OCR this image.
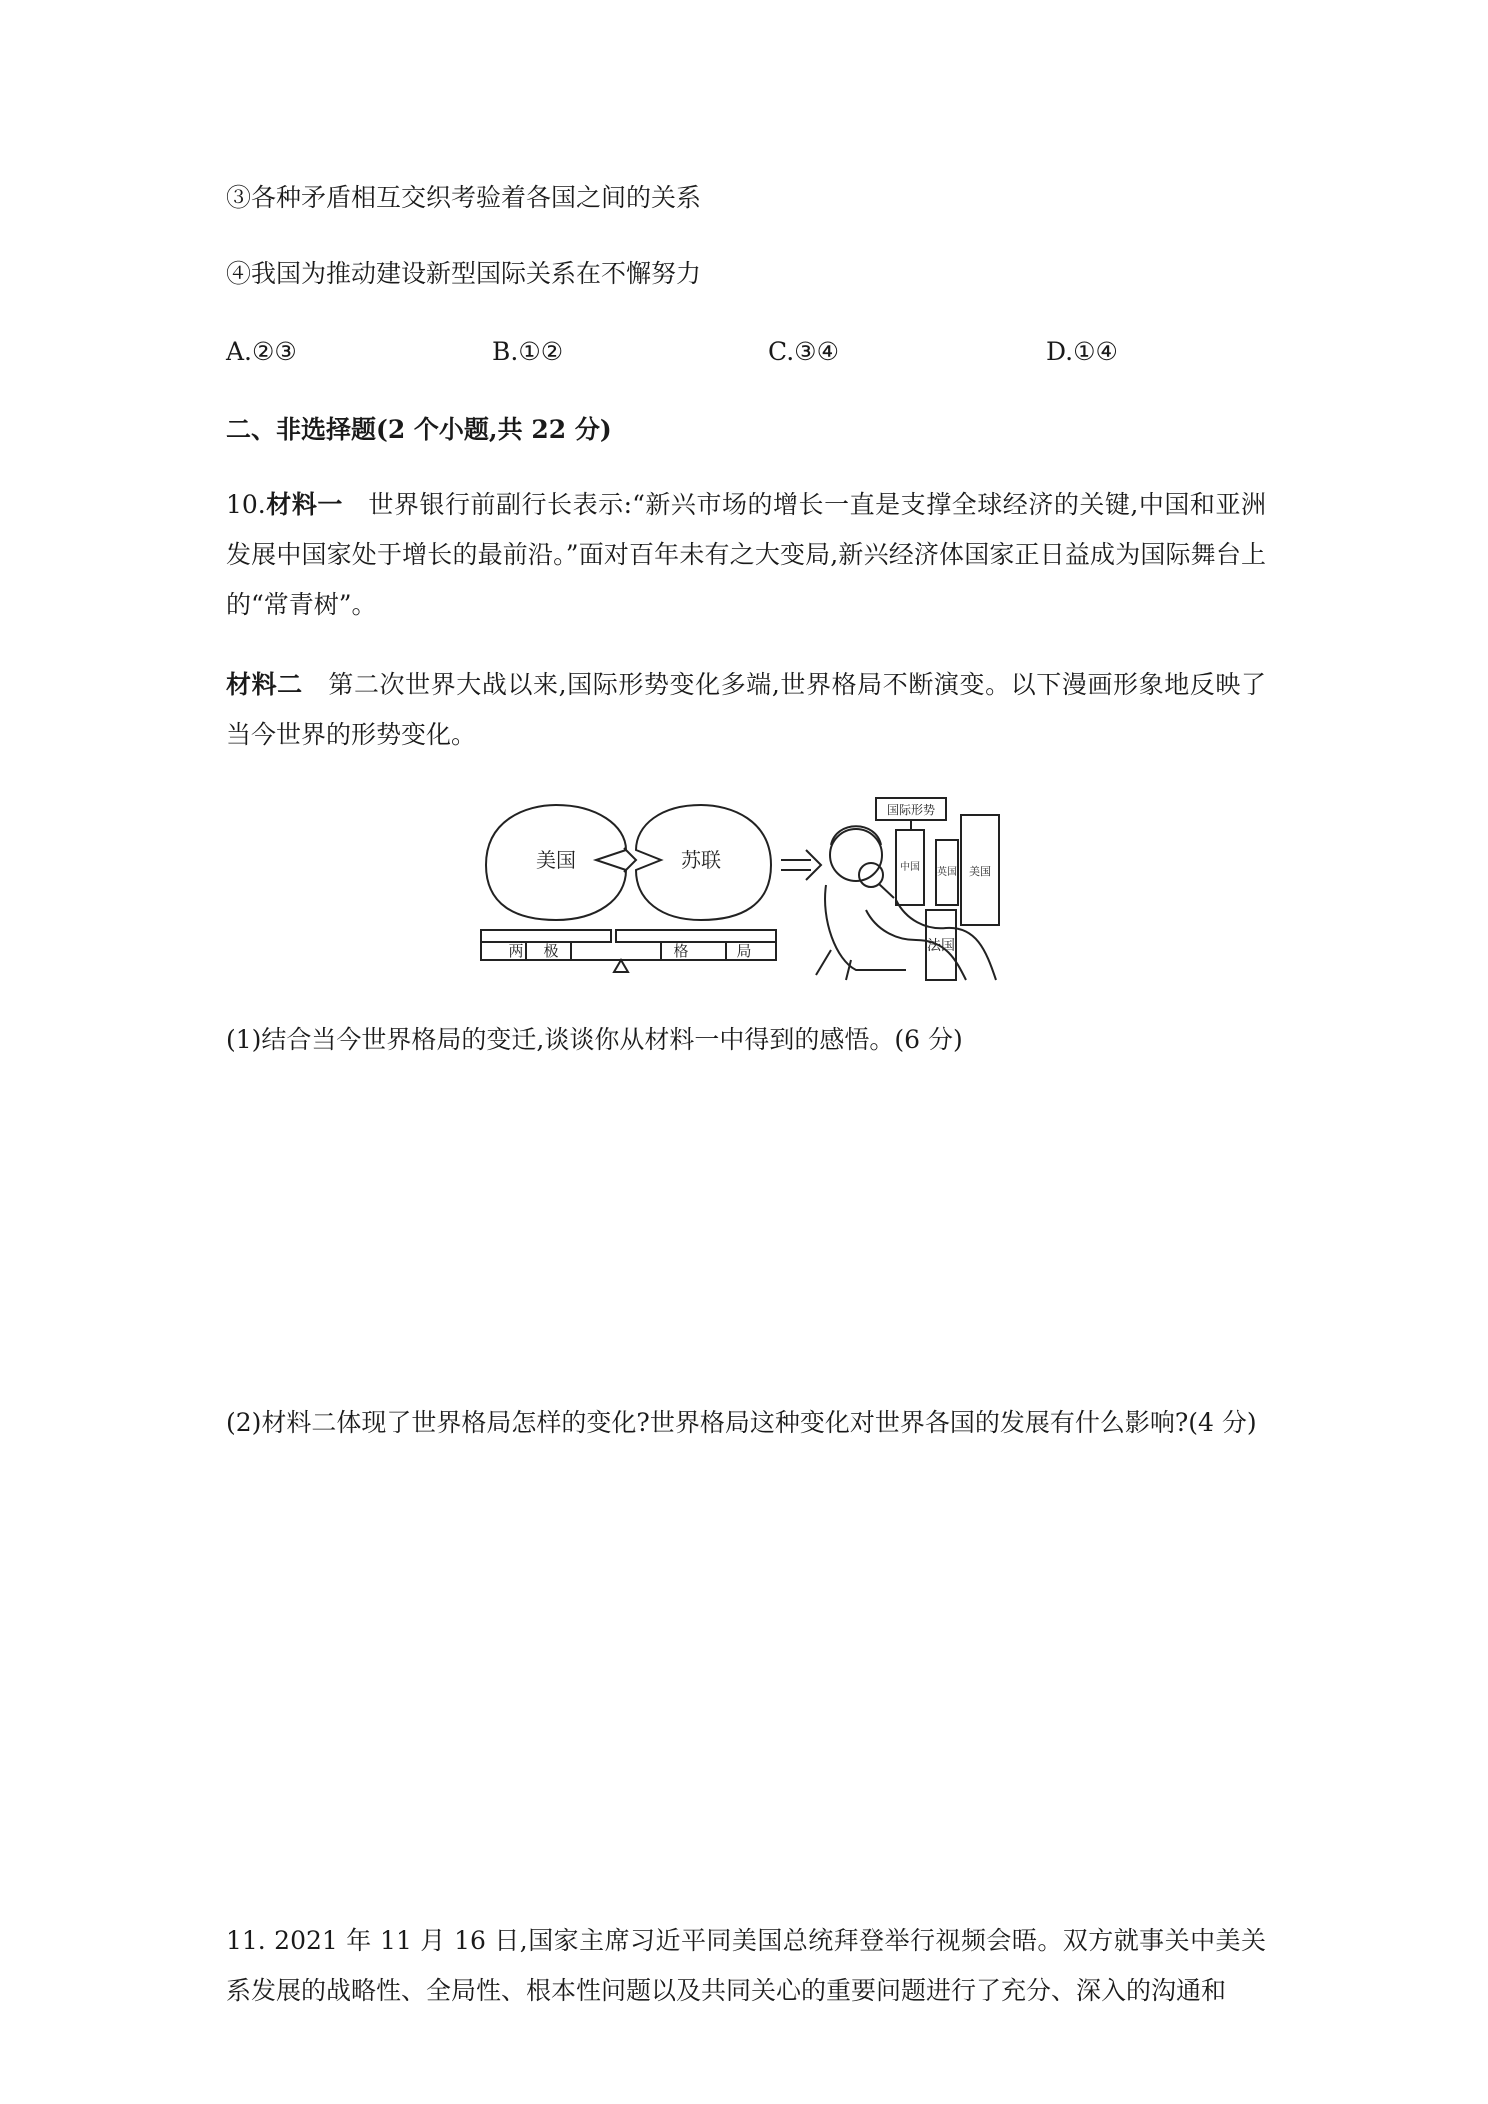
③各种矛盾相互交织考验着各国之间的关系
④我国为推动建设新型国际关系在不懈努力
A.②③	B.①②	C.③④	D.①④
二、非选择题(2 个小题,共 22 分)
10.材料一　世界银行前副行长表示:“新兴市场的增长一直是支撑全球经济的关键,中国和亚洲发展中国家处于增长的最前沿。”面对百年未有之大变局,新兴经济体国家正日益成为国际舞台上的“常青树”。
材料二　第二次世界大战以来,国际形势变化多端,世界格局不断演变。以下漫画形象地反映了当今世界的形势变化。
美国	苏联
两 极	格	局
国际形势
中国 英国 美国
法国
(1)结合当今世界格局的变迁,谈谈你从材料一中得到的感悟。(6 分)
(2)材料二体现了世界格局怎样的变化?世界格局这种变化对世界各国的发展有什么影响?(4 分)
11. 2021 年 11 月 16 日,国家主席习近平同美国总统拜登举行视频会晤。双方就事关中美关系发展的战略性、全局性、根本性问题以及共同关心的重要问题进行了充分、深入的沟通和
